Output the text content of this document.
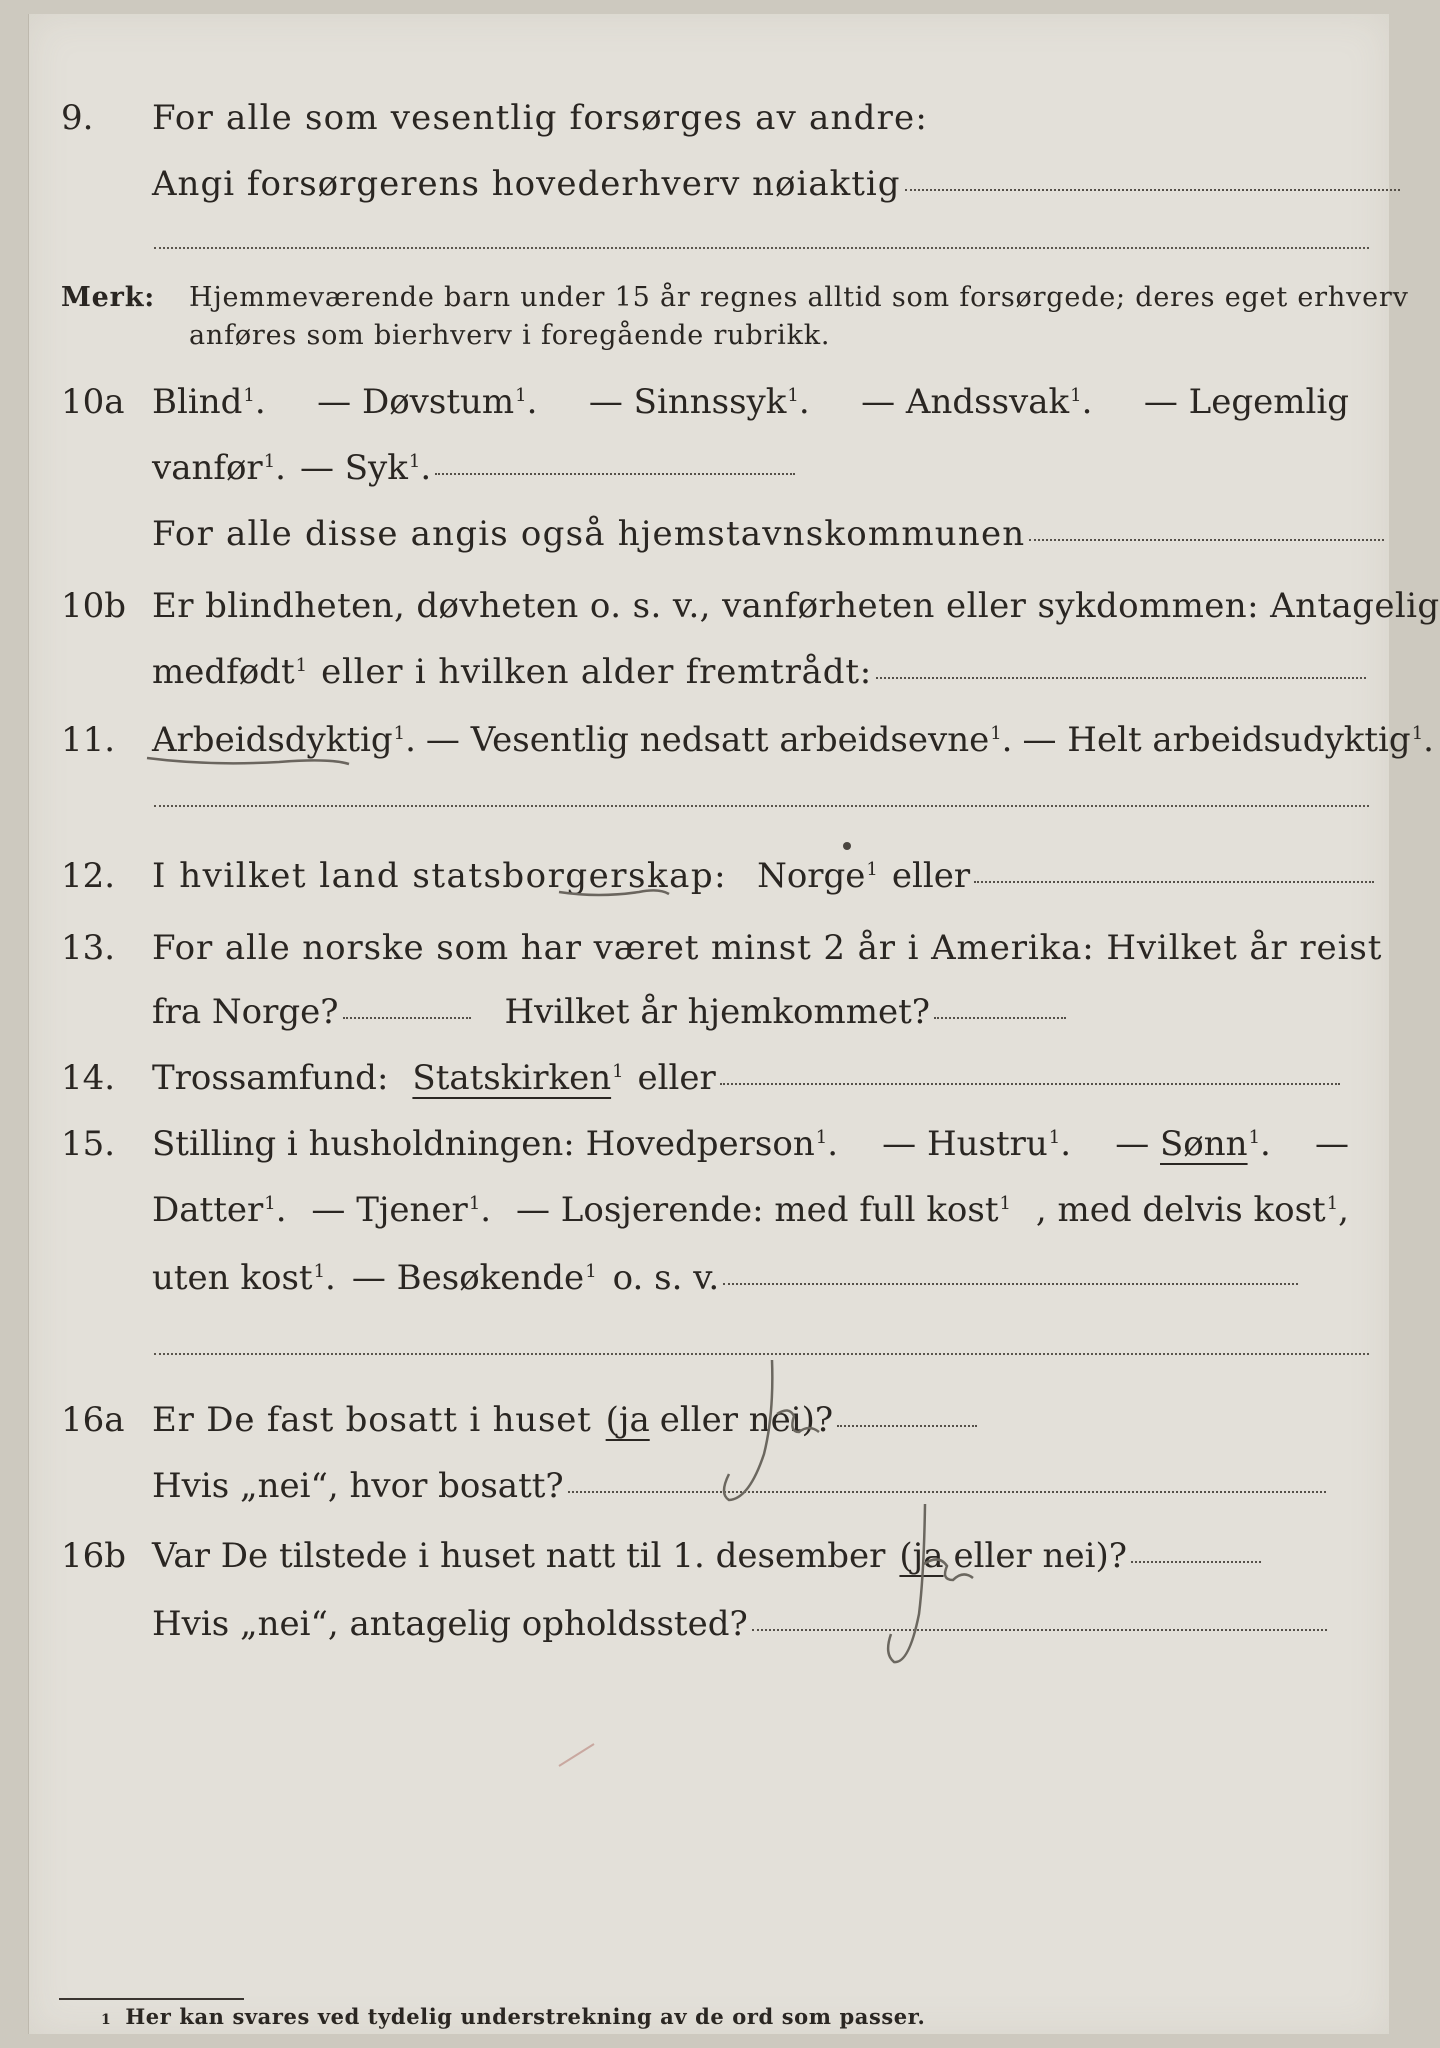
9. For alle som vesentlig forsørges av andre:
Angi forsørgerens hovederhverv nøiaktig
Merk: Hjemmeværende barn under 15 år regnes alltid som forsørgede; deres eget erhverv
anføres som bierhverv i foregående rubrikk.
10a Blind$^1$. — Døvstum$^1$. — Sinnssyk$^1$. — Andssvak$^1$. — Legemlig
vanfør$^1$. — Syk$^1$.
For alle disse angis også hjemstavnskommunen
10b Er blindheten, døvheten o. s. v., vanførheten eller sykdommen: Antagelig
medfødt$^1$ eller i hvilken alder fremtrådt:
11. Arbeidsdyktig$^1$. — Vesentlig nedsatt arbeidsevne$^1$. — Helt arbeidsudyktig$^1$.
12. I hvilket land statsborgerskap: Norge$^1$ eller
13. For alle norske som har været minst 2 år i Amerika: Hvilket år reist
fra Norge?	Hvilket år hjemkommet?
14. Trossamfund: Statskirken$^1$ eller
15. Stilling i husholdningen: Hovedperson$^1$. — Hustru$^1$. — Sønn$^1$. —
Datter$^1$. — Tjener$^1$. — Losjerende: med full kost$^1$ , med delvis kost$^1$,
uten kost$^1$. — Besøkende$^1$ o. s. v.
16a Er De fast bosatt i huset (ja eller nei)?
Hvis „nei“, hvor bosatt?
16b Var De tilstede i huset natt til 1. desember (ja eller nei)?
Hvis „nei“, antagelig opholdssted?
1 Her kan svares ved tydelig understrekning av de ord som passer.
